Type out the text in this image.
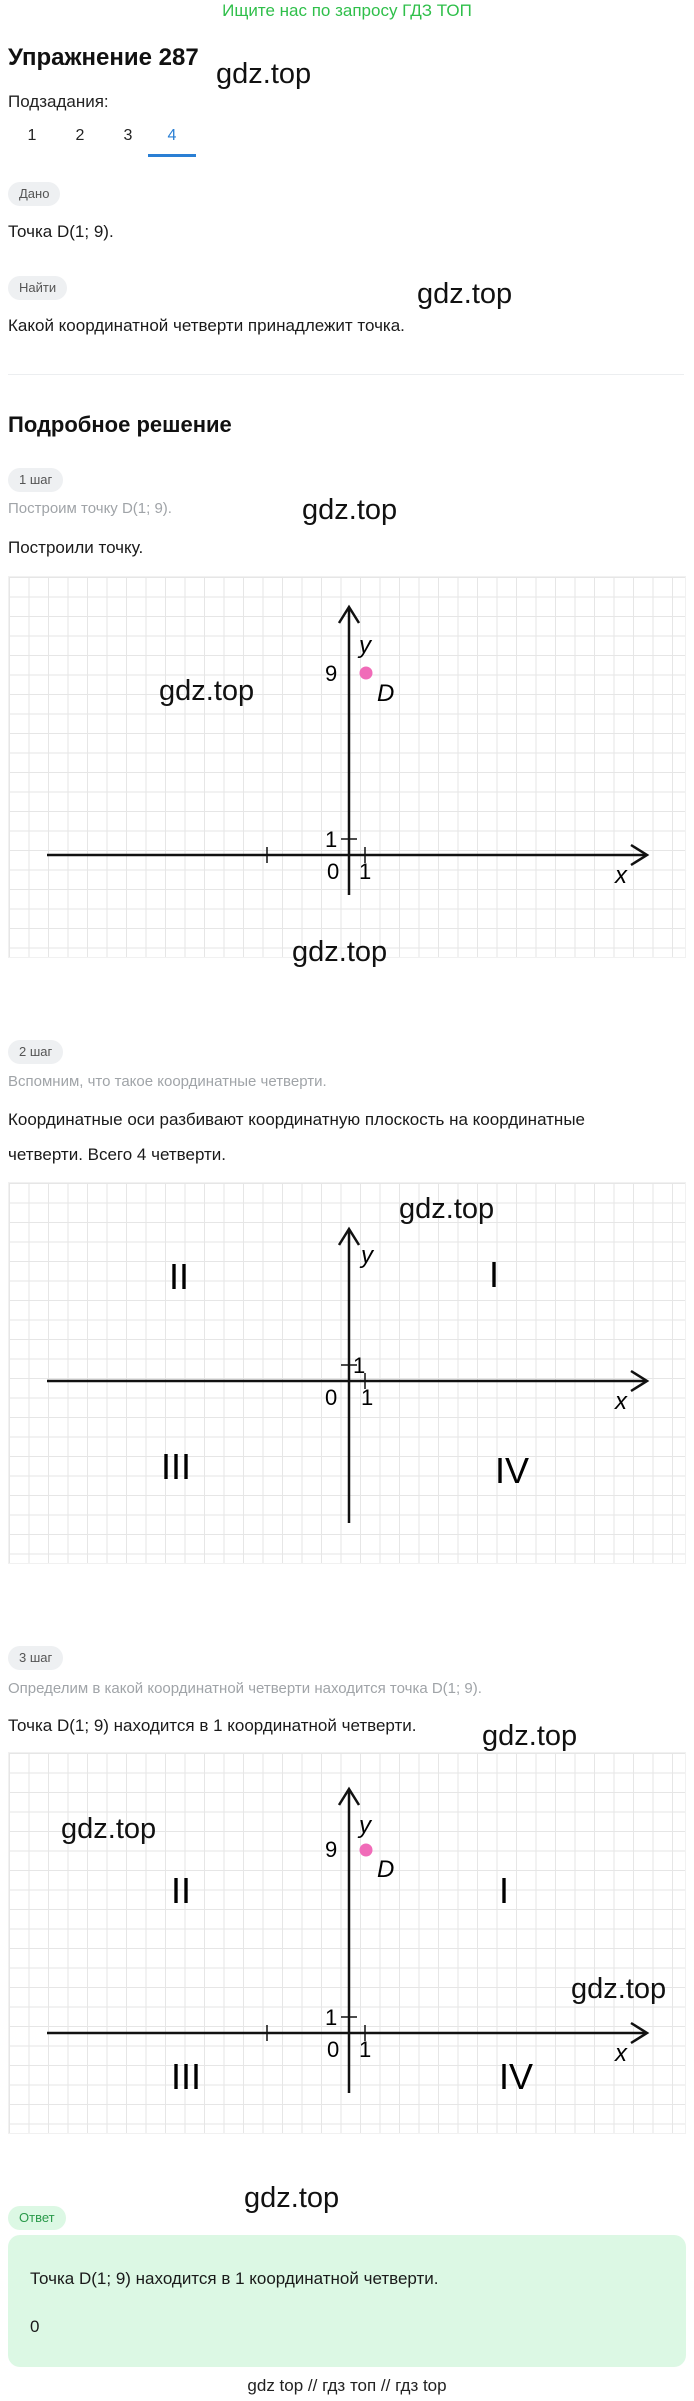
Ищите нас по запросу ГДЗ ТОП
Упражнение 287
gdz.top
Подзадания:
1	2	3	4
Дано
Точка D(1; 9).
Найти	gdz.top
Какой координатной четверти принадлежит точка.
Подробное решение
1 шаг
Построим точку D(1; 9).	gdz.top
Построили точку.
1
0 1	x
y
9
D
gdz.top
gdz.top
2 шаг
Вспомним, что такое координатные четверти.
Координатные оси разбивают координатную плоскость на координатные
четверти. Всего 4 четверти.
1
0 1	x
y
II	I
III	IV
gdz.top
3 шаг
Определим в какой координатной четверти находится точка D(1; 9).
Точка D(1; 9) находится в 1 координатной четверти. gdz.top
1
0 1	x
y
9
D
II	I
III	IV
gdz.top
gdz.top
gdz.top
Ответ
Точка D(1; 9) находится в 1 координатной четверти.
0
gdz top // гдз топ // гдз top
